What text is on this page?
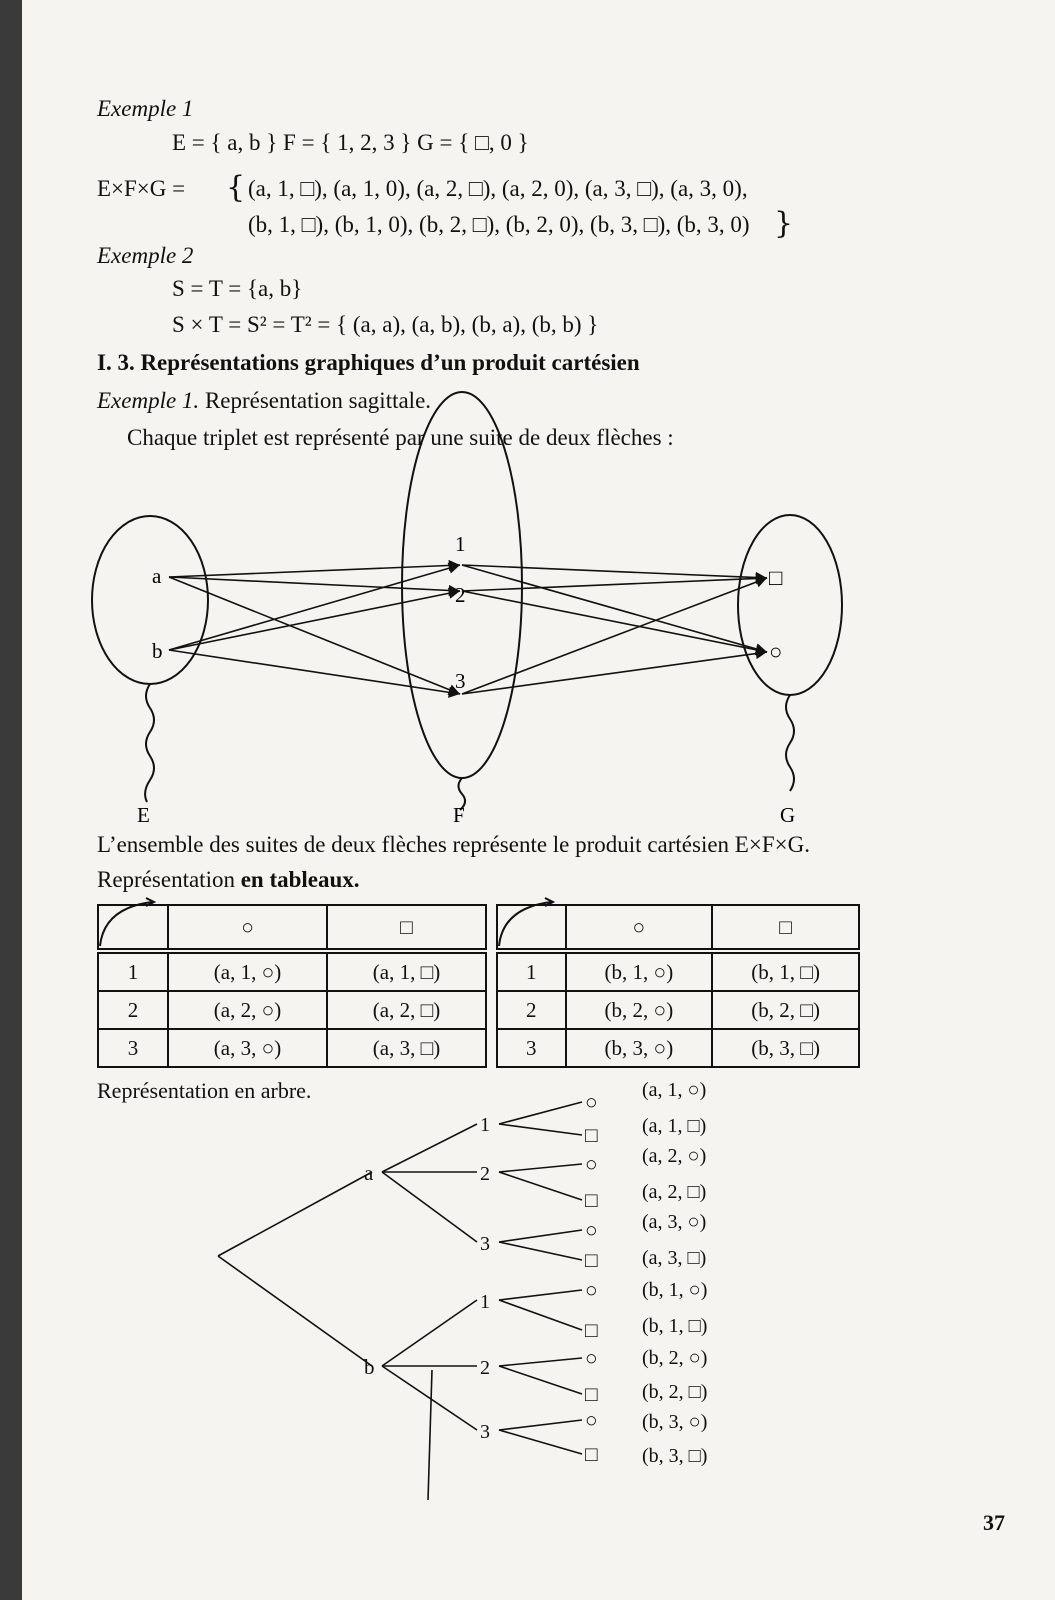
Exemple 1
E = { a, b } F = { 1, 2, 3 } G = { □, 0 }
E×F×G = { (a, 1, □), (a, 1, 0), (a, 2, □), (a, 2, 0), (a, 3, □), (a, 3, 0),
(b, 1, □), (b, 1, 0), (b, 2, □), (b, 2, 0), (b, 3, □), (b, 3, 0) }
Exemple 2
S = T = {a, b}
S × T = S² = T² = { (a, a), (a, b), (b, a), (b, b) }
I. 3. Représentations graphiques d’un produit cartésien
Exemple 1. Représentation sagittale.
Chaque triplet est représenté par une suite de deux flèches :
a
b
1
2
3
□
○
E	F	G
L’ensemble des suites de deux flèches représente le produit cartésien E×F×G.
Représentation en tableaux.
	○	□
1	(a, 1, ○)	(a, 1, □)
2	(a, 2, ○)	(a, 2, □)
3	(a, 3, ○)	(a, 3, □)
	○	□
1	(b, 1, ○)	(b, 1, □)
2	(b, 2, ○)	(b, 2, □)
3	(b, 3, ○)	(b, 3, □)
Représentation en arbre.
a
b
1
2
3
1
2
3
○
□
○
□
○
□
○
□
○
□
○
□
(a, 1, ○)
(a, 1, □)
(a, 2, ○)
(a, 2, □)
(a, 3, ○)
(a, 3, □)
(b, 1, ○)
(b, 1, □)
(b, 2, ○)
(b, 2, □)
(b, 3, ○)
(b, 3, □)
37
